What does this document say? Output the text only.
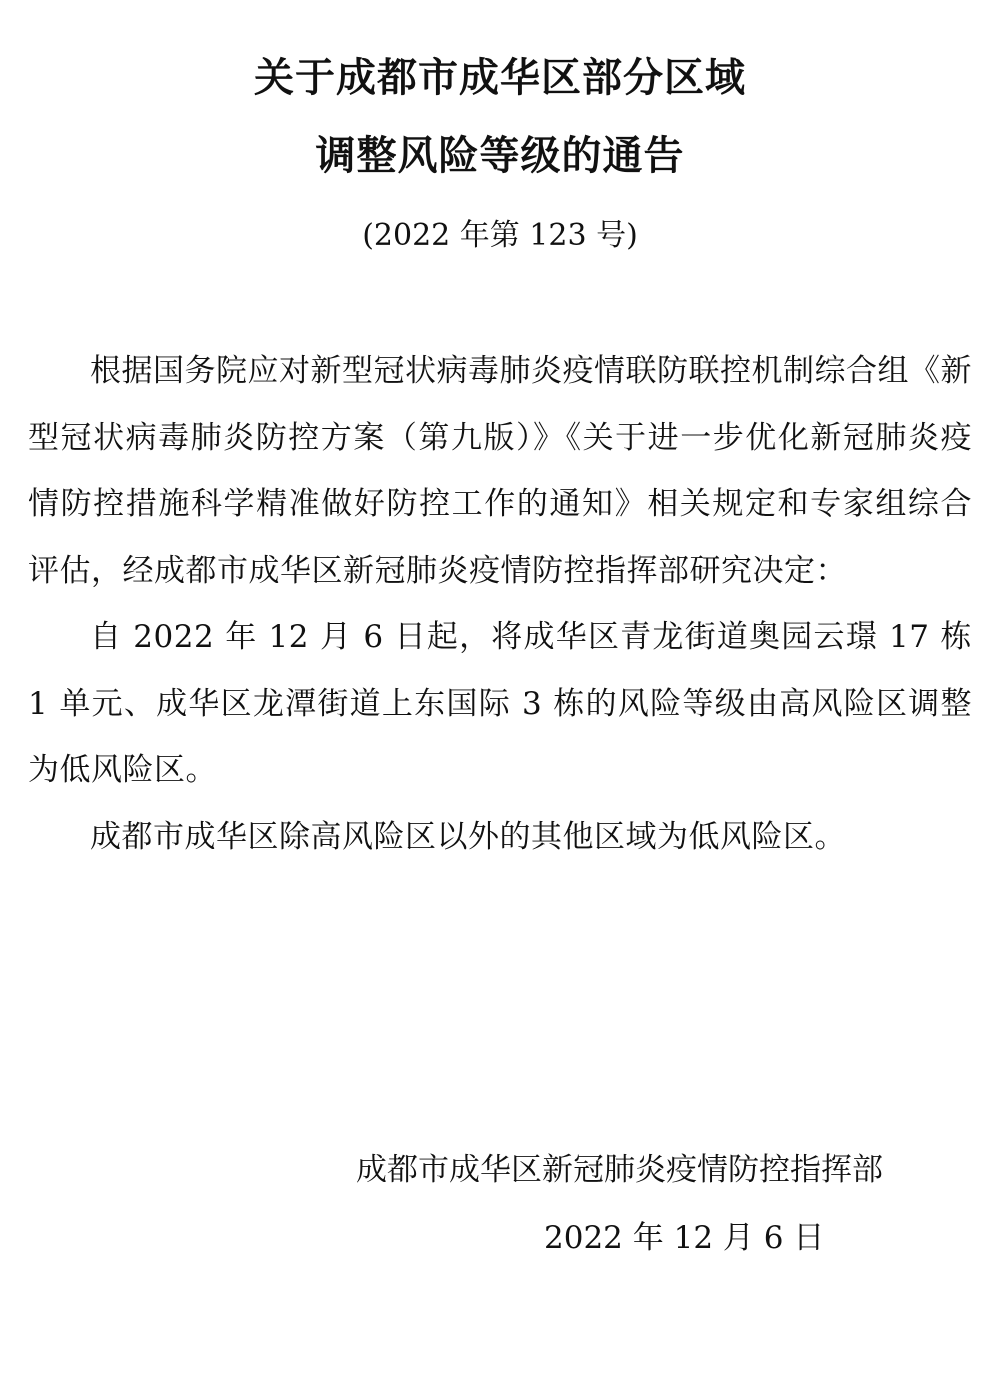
关于成都市成华区部分区域
调整风险等级的通告
(2022 年第 123 号)

根据国务院应对新型冠状病毒肺炎疫情联防联控机制综合组《新型冠状病毒肺炎防控方案（第九版）》《关于进一步优化新冠肺炎疫情防控措施科学精准做好防控工作的通知》相关规定和专家组综合评估，经成都市成华区新冠肺炎疫情防控指挥部研究决定：

自 2022 年 12 月 6 日起，将成华区青龙街道奥园云璟 17 栋 1 单元、成华区龙潭街道上东国际 3 栋的风险等级由高风险区调整为低风险区。

成都市成华区除高风险区以外的其他区域为低风险区。

成都市成华区新冠肺炎疫情防控指挥部
2022 年 12 月 6 日
